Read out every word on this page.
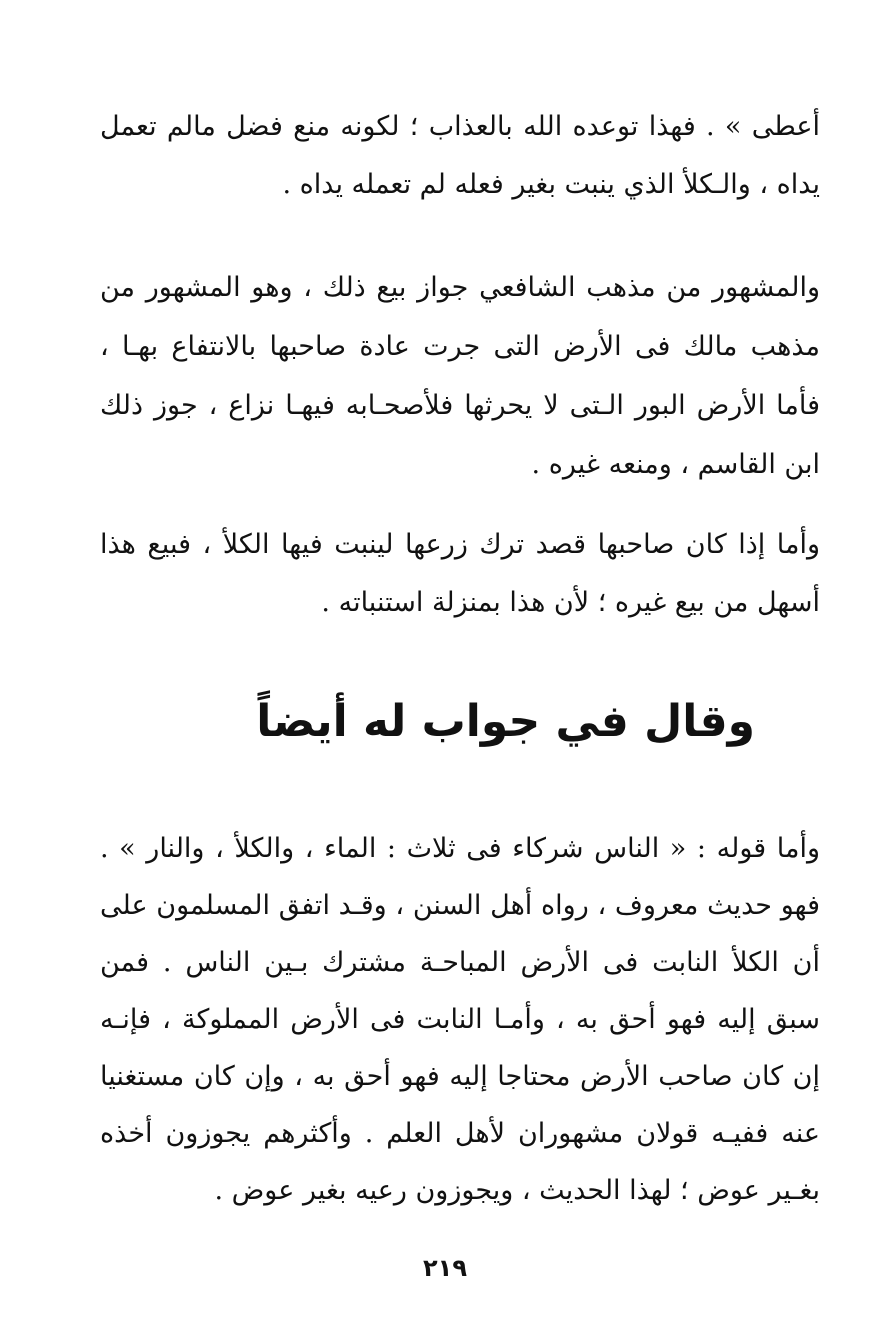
أعطى » . فهذا توعده الله بالعذاب ؛ لكونه منع فضل مالم تعمل يداه ، والـكلأ الذي ينبت بغير فعله لم تعمله يداه .

والمشهور من مذهب الشافعي جواز بيع ذلك ، وهو المشهور من مذهب مالك فى الأرض التى جرت عادة صاحبها بالانتفاع بهـا ، فأما الأرض البور الـتى لا يحرثها فلأصحـابه فيهـا نزاع ، جوز ذلك ابن القاسم ، ومنعه غيره .

وأما إذا كان صاحبها قصد ترك زرعها لينبت فيها الكلأ ، فبيع هذا أسهل من بيع غيره ؛ لأن هذا بمنزلة استنباته .

وقال في جواب له أيضاً

وأما قوله : « الناس شركاء فى ثلاث : الماء ، والكلأ ، والنار » . فهو حديث معروف ، رواه أهل السنن ، وقـد اتفق المسلمون على أن الكلأ النابت فى الأرض المباحـة مشترك بـين الناس . فمن سبق إليه فهو أحق به ، وأمـا النابت فى الأرض المملوكة ، فإنـه إن كان صاحب الأرض محتاجا إليه فهو أحق به ، وإن كان مستغنيا عنه ففيـه قولان مشهوران لأهل العلم . وأكثرهم يجوزون أخذه بغـير عوض ؛ لهذا الحديث ، ويجوزون رعيه بغير عوض .

٢١٩
